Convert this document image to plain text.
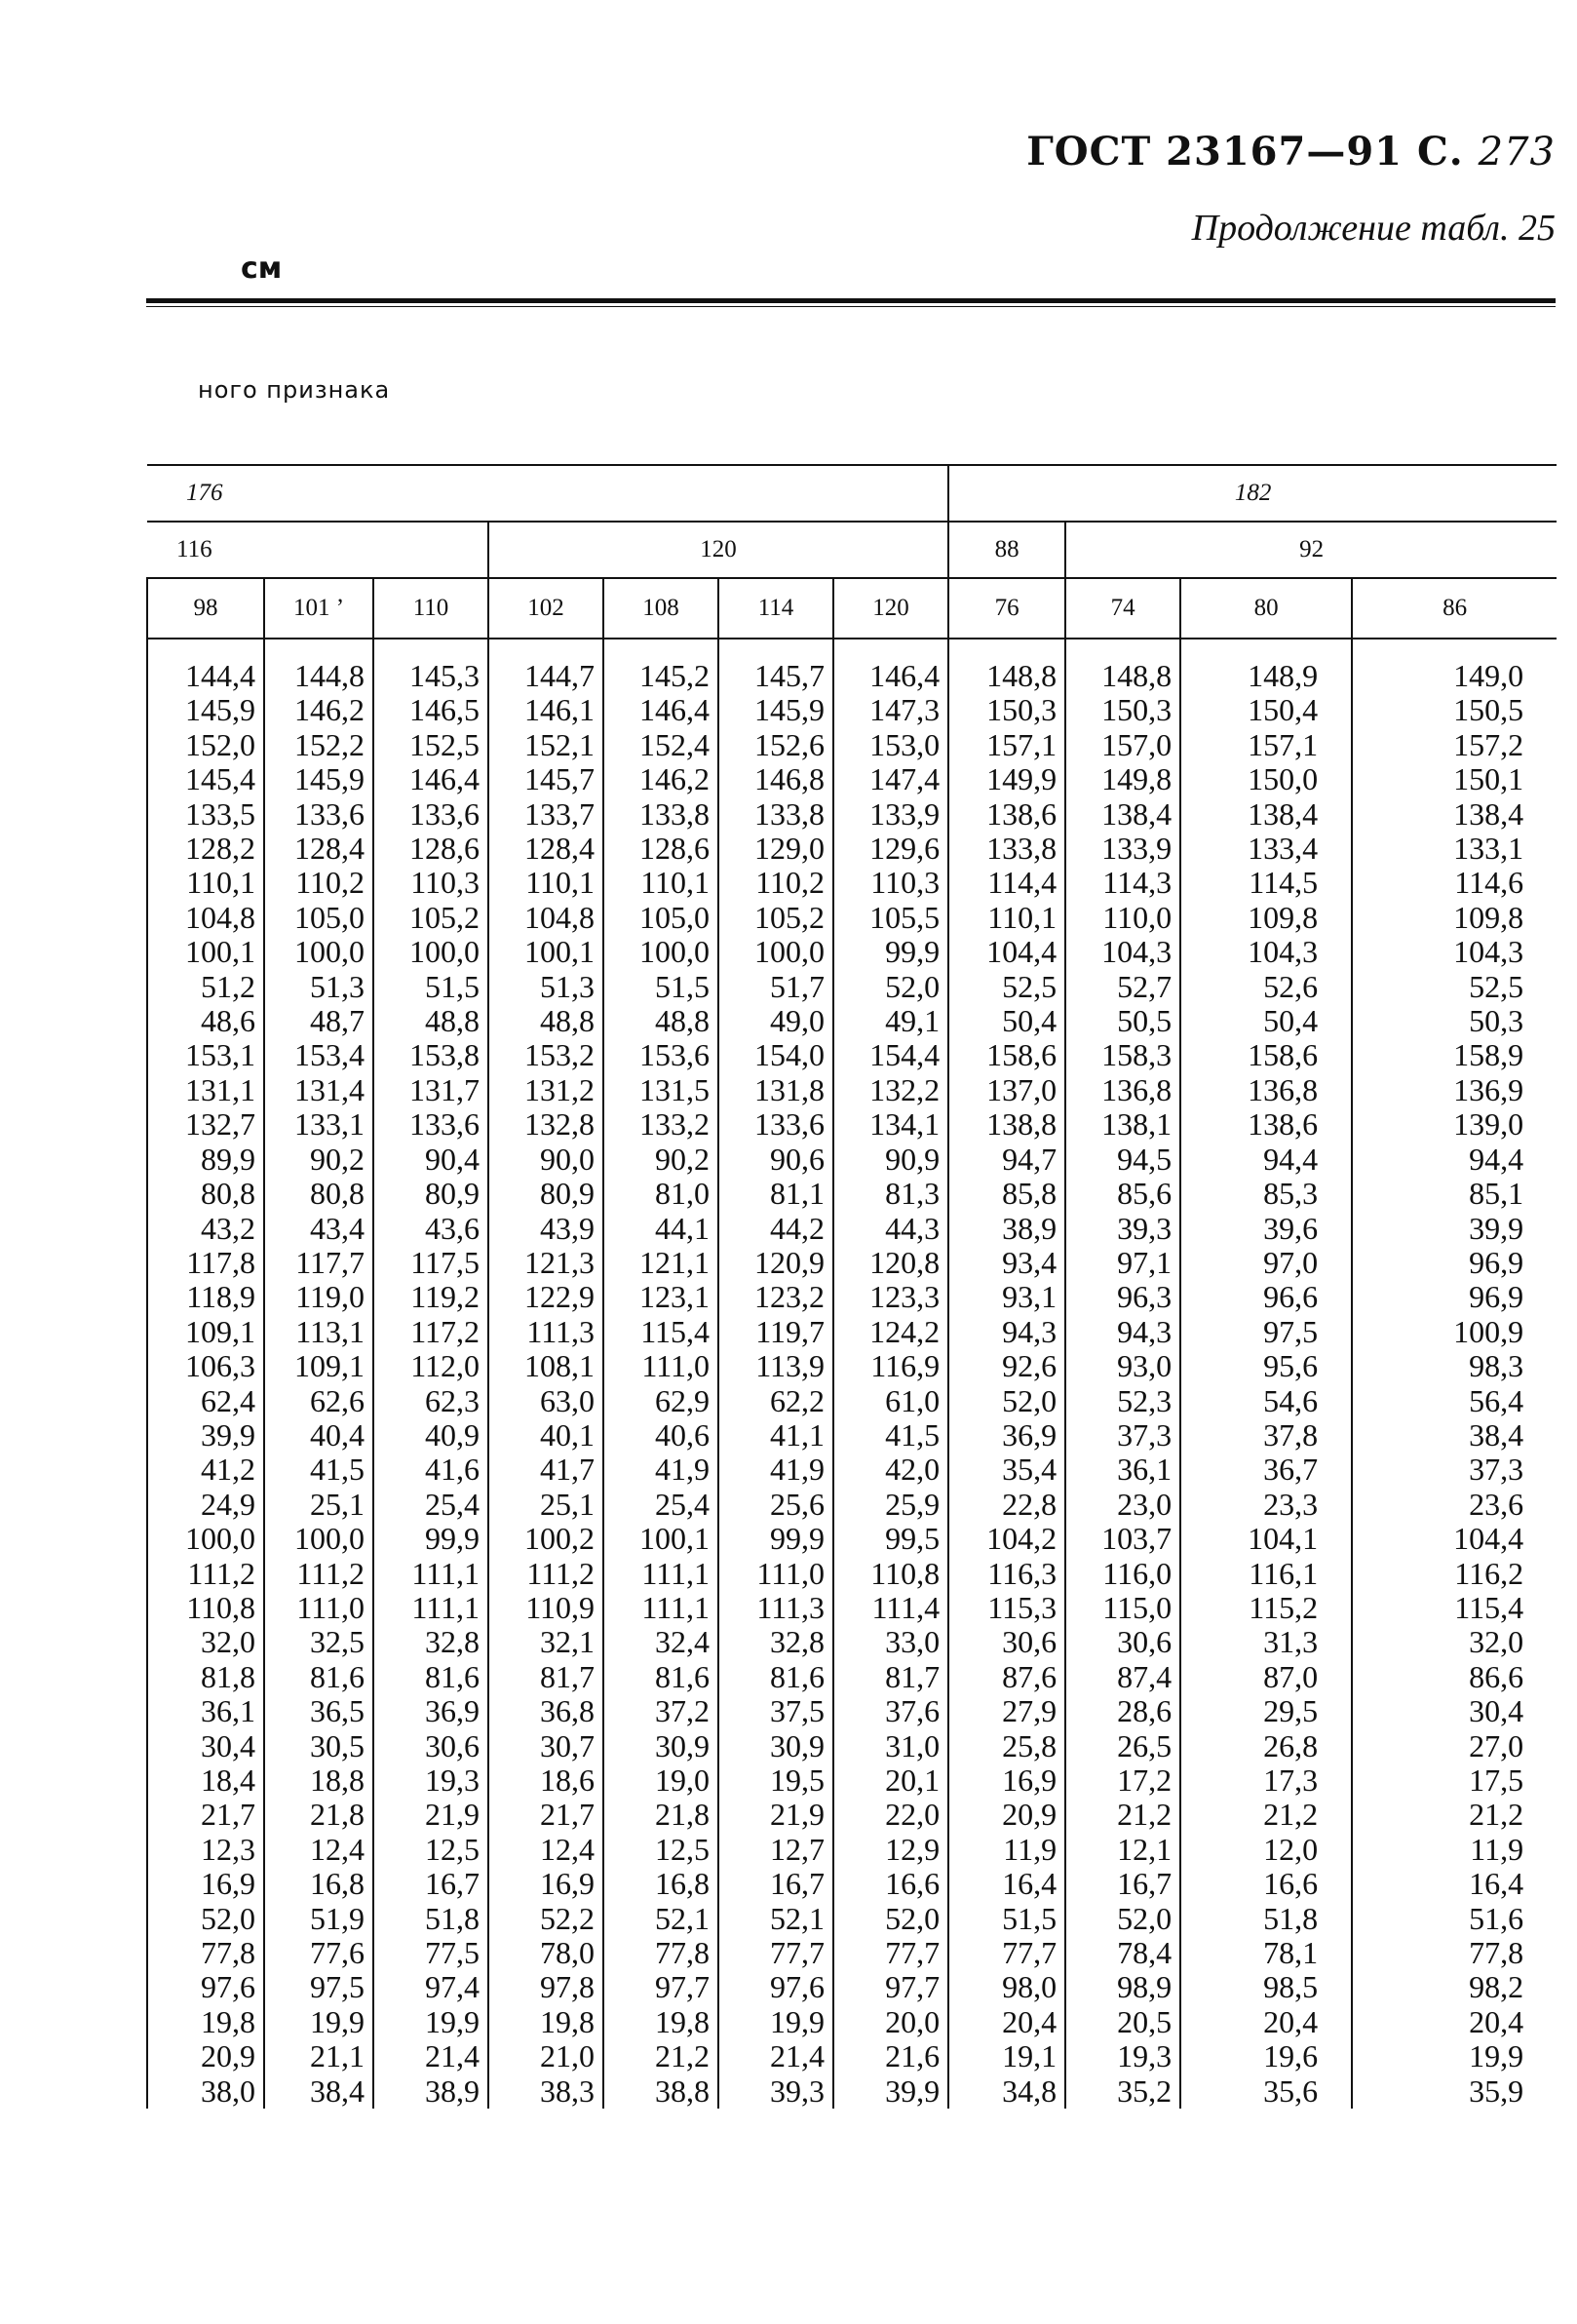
ГОСТ 23167—91 С. 273
Продолжение табл. 25
см
ного признака
176							182			
116			120				88	92		
98	101 ’	110	102	108	114	120	76	74	80	86
144,4	144,8	145,3	144,7	145,2	145,7	146,4	148,8	148,8	148,9	149,0
145,9	146,2	146,5	146,1	146,4	145,9	147,3	150,3	150,3	150,4	150,5
152,0	152,2	152,5	152,1	152,4	152,6	153,0	157,1	157,0	157,1	157,2
145,4	145,9	146,4	145,7	146,2	146,8	147,4	149,9	149,8	150,0	150,1
133,5	133,6	133,6	133,7	133,8	133,8	133,9	138,6	138,4	138,4	138,4
128,2	128,4	128,6	128,4	128,6	129,0	129,6	133,8	133,9	133,4	133,1
110,1	110,2	110,3	110,1	110,1	110,2	110,3	114,4	114,3	114,5	114,6
104,8	105,0	105,2	104,8	105,0	105,2	105,5	110,1	110,0	109,8	109,8
100,1	100,0	100,0	100,1	100,0	100,0	99,9	104,4	104,3	104,3	104,3
51,2	51,3	51,5	51,3	51,5	51,7	52,0	52,5	52,7	52,6	52,5
48,6	48,7	48,8	48,8	48,8	49,0	49,1	50,4	50,5	50,4	50,3
153,1	153,4	153,8	153,2	153,6	154,0	154,4	158,6	158,3	158,6	158,9
131,1	131,4	131,7	131,2	131,5	131,8	132,2	137,0	136,8	136,8	136,9
132,7	133,1	133,6	132,8	133,2	133,6	134,1	138,8	138,1	138,6	139,0
89,9	90,2	90,4	90,0	90,2	90,6	90,9	94,7	94,5	94,4	94,4
80,8	80,8	80,9	80,9	81,0	81,1	81,3	85,8	85,6	85,3	85,1
43,2	43,4	43,6	43,9	44,1	44,2	44,3	38,9	39,3	39,6	39,9
117,8	117,7	117,5	121,3	121,1	120,9	120,8	93,4	97,1	97,0	96,9
118,9	119,0	119,2	122,9	123,1	123,2	123,3	93,1	96,3	96,6	96,9
109,1	113,1	117,2	111,3	115,4	119,7	124,2	94,3	94,3	97,5	100,9
106,3	109,1	112,0	108,1	111,0	113,9	116,9	92,6	93,0	95,6	98,3
62,4	62,6	62,3	63,0	62,9	62,2	61,0	52,0	52,3	54,6	56,4
39,9	40,4	40,9	40,1	40,6	41,1	41,5	36,9	37,3	37,8	38,4
41,2	41,5	41,6	41,7	41,9	41,9	42,0	35,4	36,1	36,7	37,3
24,9	25,1	25,4	25,1	25,4	25,6	25,9	22,8	23,0	23,3	23,6
100,0	100,0	99,9	100,2	100,1	99,9	99,5	104,2	103,7	104,1	104,4
111,2	111,2	111,1	111,2	111,1	111,0	110,8	116,3	116,0	116,1	116,2
110,8	111,0	111,1	110,9	111,1	111,3	111,4	115,3	115,0	115,2	115,4
32,0	32,5	32,8	32,1	32,4	32,8	33,0	30,6	30,6	31,3	32,0
81,8	81,6	81,6	81,7	81,6	81,6	81,7	87,6	87,4	87,0	86,6
36,1	36,5	36,9	36,8	37,2	37,5	37,6	27,9	28,6	29,5	30,4
30,4	30,5	30,6	30,7	30,9	30,9	31,0	25,8	26,5	26,8	27,0
18,4	18,8	19,3	18,6	19,0	19,5	20,1	16,9	17,2	17,3	17,5
21,7	21,8	21,9	21,7	21,8	21,9	22,0	20,9	21,2	21,2	21,2
12,3	12,4	12,5	12,4	12,5	12,7	12,9	11,9	12,1	12,0	11,9
16,9	16,8	16,7	16,9	16,8	16,7	16,6	16,4	16,7	16,6	16,4
52,0	51,9	51,8	52,2	52,1	52,1	52,0	51,5	52,0	51,8	51,6
77,8	77,6	77,5	78,0	77,8	77,7	77,7	77,7	78,4	78,1	77,8
97,6	97,5	97,4	97,8	97,7	97,6	97,7	98,0	98,9	98,5	98,2
19,8	19,9	19,9	19,8	19,8	19,9	20,0	20,4	20,5	20,4	20,4
20,9	21,1	21,4	21,0	21,2	21,4	21,6	19,1	19,3	19,6	19,9
38,0	38,4	38,9	38,3	38,8	39,3	39,9	34,8	35,2	35,6	35,9
